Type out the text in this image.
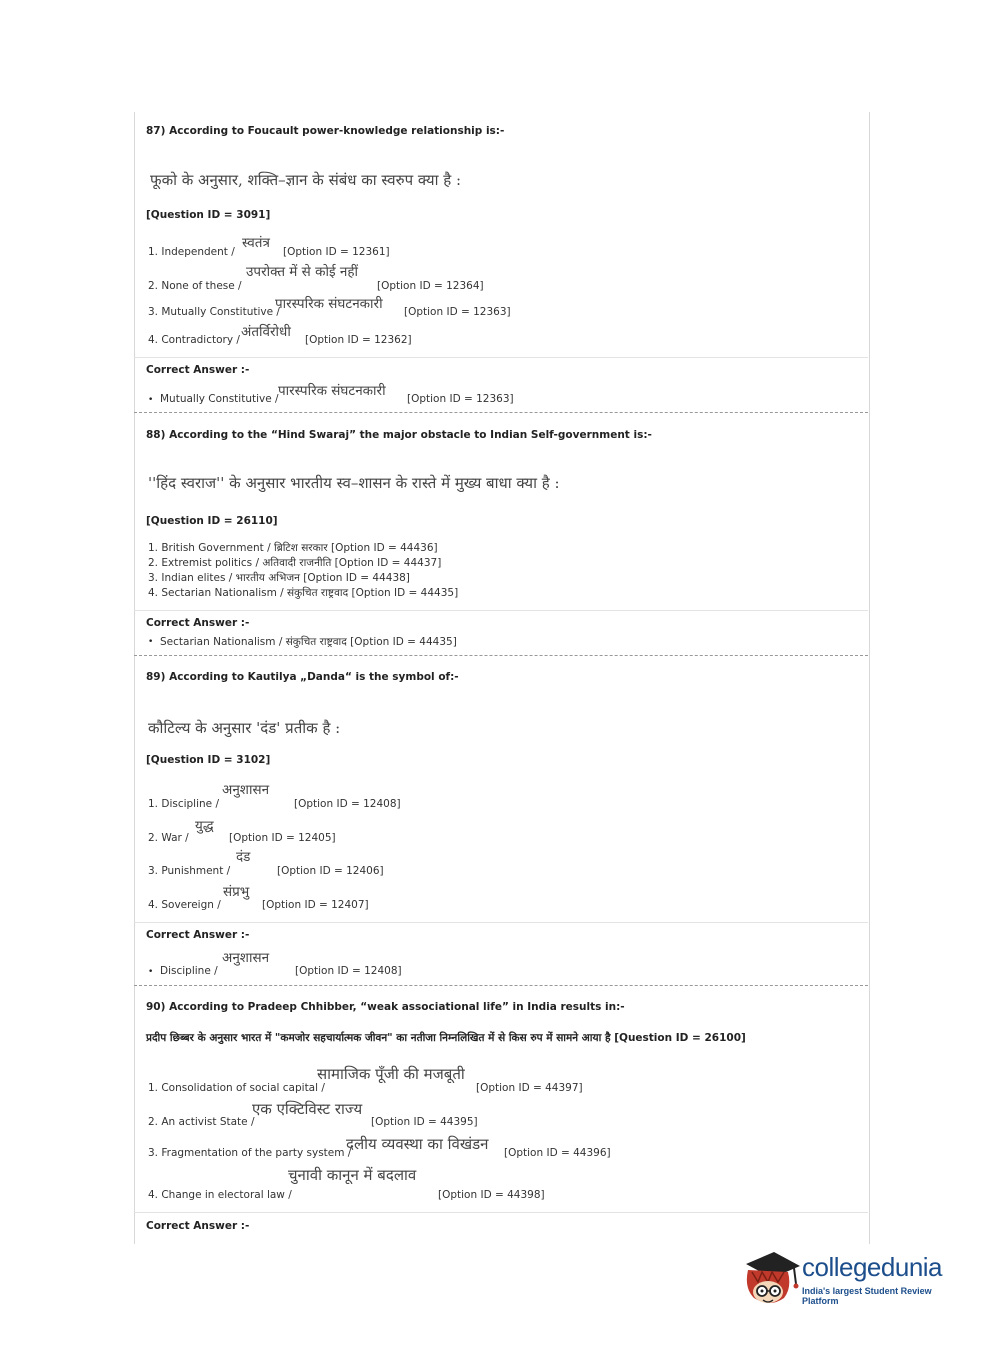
87) According to Foucault power-knowledge relationship is:-
फूको के अनुसार, शक्ति–ज्ञान के संबंध का स्वरुप क्या है :
[Question ID = 3091]
1. Independent /
स्वतंत्र
[Option ID = 12361]
2. None of these /
उपरोक्त में से कोई नहीं
[Option ID = 12364]
3. Mutually Constitutive /
पारस्परिक संघटनकारी [Option ID = 12363]
4. Contradictory / अंतर्विरोधी [Option ID = 12362]
Correct Answer :-
• Mutually Constitutive / पारस्परिक संघटनकारी [Option ID = 12363]
88) According to the “Hind Swaraj” the major obstacle to Indian Self-government is:-
''हिंद स्वराज'' के अनुसार भारतीय स्व–शासन के रास्ते में मुख्य बाधा क्या है :
[Question ID = 26110]
1. British Government / ब्रिटिश सरकार [Option ID = 44436]
2. Extremist politics / अतिवादी राजनीति [Option ID = 44437]
3. Indian elites / भारतीय अभिजन [Option ID = 44438]
4. Sectarian Nationalism / संकुचित राष्ट्रवाद [Option ID = 44435]
Correct Answer :-
• Sectarian Nationalism / संकुचित राष्ट्रवाद [Option ID = 44435]
89) According to Kautilya „Danda“ is the symbol of:-
कौटिल्य के अनुसार 'दंड' प्रतीक है :
[Question ID = 3102]
1. Discipline /
अनुशासन
[Option ID = 12408]
2. War /
युद्ध
[Option ID = 12405]
3. Punishment /
दंड
[Option ID = 12406]
4. Sovereign /
संप्रभु
[Option ID = 12407]
Correct Answer :-
• Discipline /
अनुशासन
[Option ID = 12408]
90) According to Pradeep Chhibber, “weak associational life” in India results in:-
प्रदीप छिब्बर के अनुसार भारत में "कमजोर सहचार्यात्मक जीवन" का नतीजा निम्नलिखित में से किस रुप में सामने आया है [Question ID = 26100]
1. Consolidation of social capital /
सामाजिक पूँजी की मजबूती
[Option ID = 44397]
2. An activist State /
एक एक्टिविस्ट राज्य
[Option ID = 44395]
3. Fragmentation of the party system /
दलीय व्यवस्था का विखंडन [Option ID = 44396]
4. Change in electoral law /
चुनावी कानून में बदलाव
[Option ID = 44398]
Correct Answer :-
collegedunia
India's largest Student Review Platform
